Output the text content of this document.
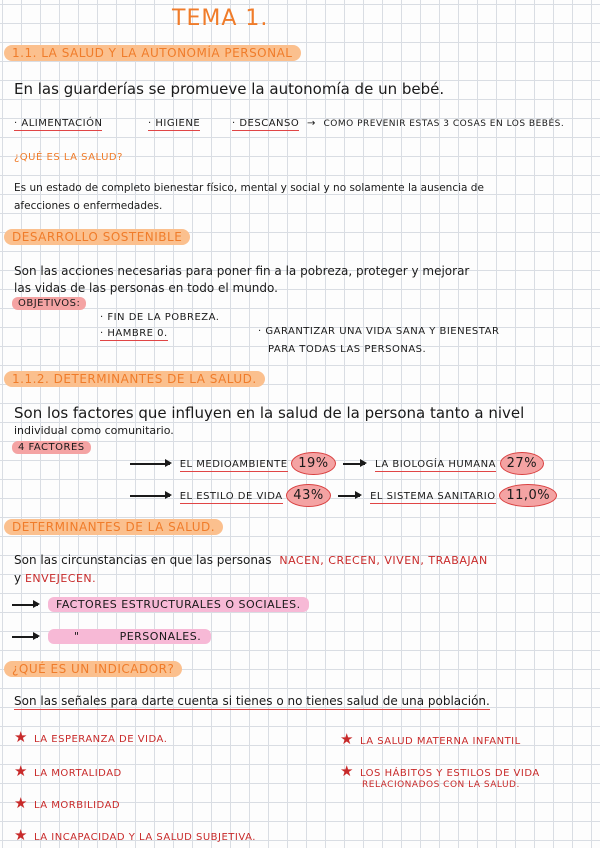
TEMA 1.
1.1. LA SALUD Y LA AUTONOMÍA PERSONAL
En las guarderías se promueve la autonomía de un bebé.
· ALIMENTACIÓN	· HIGIENE	· DESCANSO → COMO PREVENIR ESTAS 3 COSAS EN LOS BEBÉS.
¿QUÉ ES LA SALUD?
Es un estado de completo bienestar físico, mental y social y no solamente la ausencia de
afecciones o enfermedades.
DESARROLLO SOSTENIBLE
Son las acciones necesarias para poner fin a la pobreza, proteger y mejorar
las vidas de las personas en todo el mundo.
OBJETIVOS:
· FIN DE LA POBREZA.
· HAMBRE 0.	· GARANTIZAR UNA VIDA SANA Y BIENESTAR
PARA TODAS LAS PERSONAS.
1.1.2. DETERMINANTES DE LA SALUD.
Son los factores que influyen en la salud de la persona tanto a nivel
individual como comunitario.
4 FACTORES
EL MEDIOAMBIENTE 19%	LA BIOLOGÍA HUMANA 27%
EL ESTILO DE VIDA 43%	EL SISTEMA SANITARIO 11,0%
DETERMINANTES DE LA SALUD.
Son las circunstancias en que las personas NACEN, CRECEN, VIVEN, TRABAJAN
y ENVEJECEN.
FACTORES ESTRUCTURALES O SOCIALES.
"	PERSONALES.
¿QUÉ ES UN INDICADOR?
Son las señales para darte cuenta si tienes o no tienes salud de una población.
★ LA ESPERANZA DE VIDA.
★ LA MORTALIDAD
★ LA MORBILIDAD
★ LA INCAPACIDAD Y LA SALUD SUBJETIVA.
★ LA SALUD MATERNA INFANTIL
★ LOS HÁBITOS Y ESTILOS DE VIDA
RELACIONADOS CON LA SALUD.
